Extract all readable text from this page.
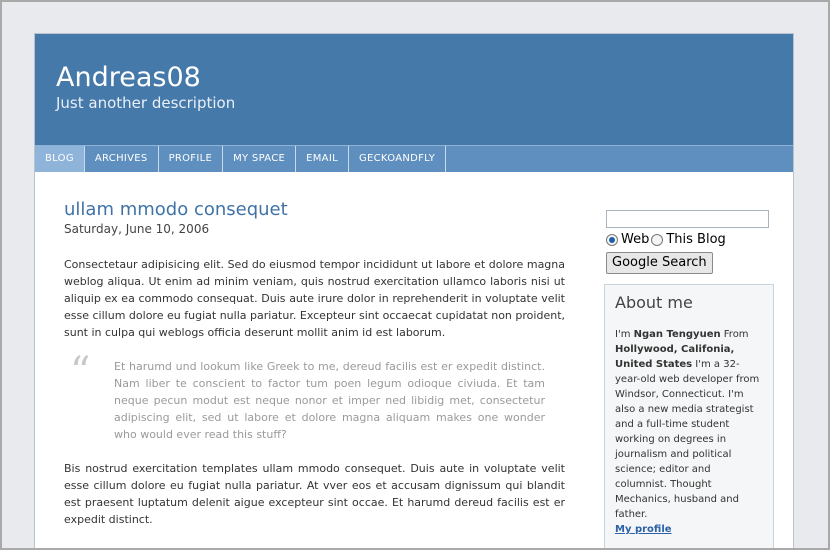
Andreas08
Just another description
BLOG	ARCHIVES	PROFILE	MY SPACE	EMAIL	GECKOANDFLY
ullam mmodo consequet
Saturday, June 10, 2006

Consectetaur adipisicing elit. Sed do eiusmod tempor incididunt ut labore et dolore magna weblog aliqua. Ut enim ad minim veniam, quis nostrud exercitation ullamco laboris nisi ut aliquip ex ea commodo consequat. Duis aute irure dolor in reprehenderit in voluptate velit esse cillum dolore eu fugiat nulla pariatur. Excepteur sint occaecat cupidatat non proident, sunt in culpa qui weblogs officia deserunt mollit anim id est laborum.

“ Et harumd und lookum like Greek to me, dereud facilis est er expedit distinct. Nam liber te conscient to factor tum poen legum odioque civiuda. Et tam neque pecun modut est neque nonor et imper ned libidig met, consectetur adipiscing elit, sed ut labore et dolore magna aliquam makes one wonder who would ever read this stuff?

Bis nostrud exercitation templates ullam mmodo consequet. Duis aute in voluptate velit esse cillum dolore eu fugiat nulla pariatur. At vver eos et accusam dignissum qui blandit est praesent luptatum delenit aigue excepteur sint occae. Et harumd dereud facilis est er expedit distinct.

Web This Blog
Google Search
About me
I'm Ngan Tengyuen From Hollywood, Califonia, United States I'm a 32-year-old web developer from Windsor, Connecticut. I'm also a new media strategist and a full-time student working on degrees in journalism and political science; editor and columnist. Thought Mechanics, husband and father.
My profile
